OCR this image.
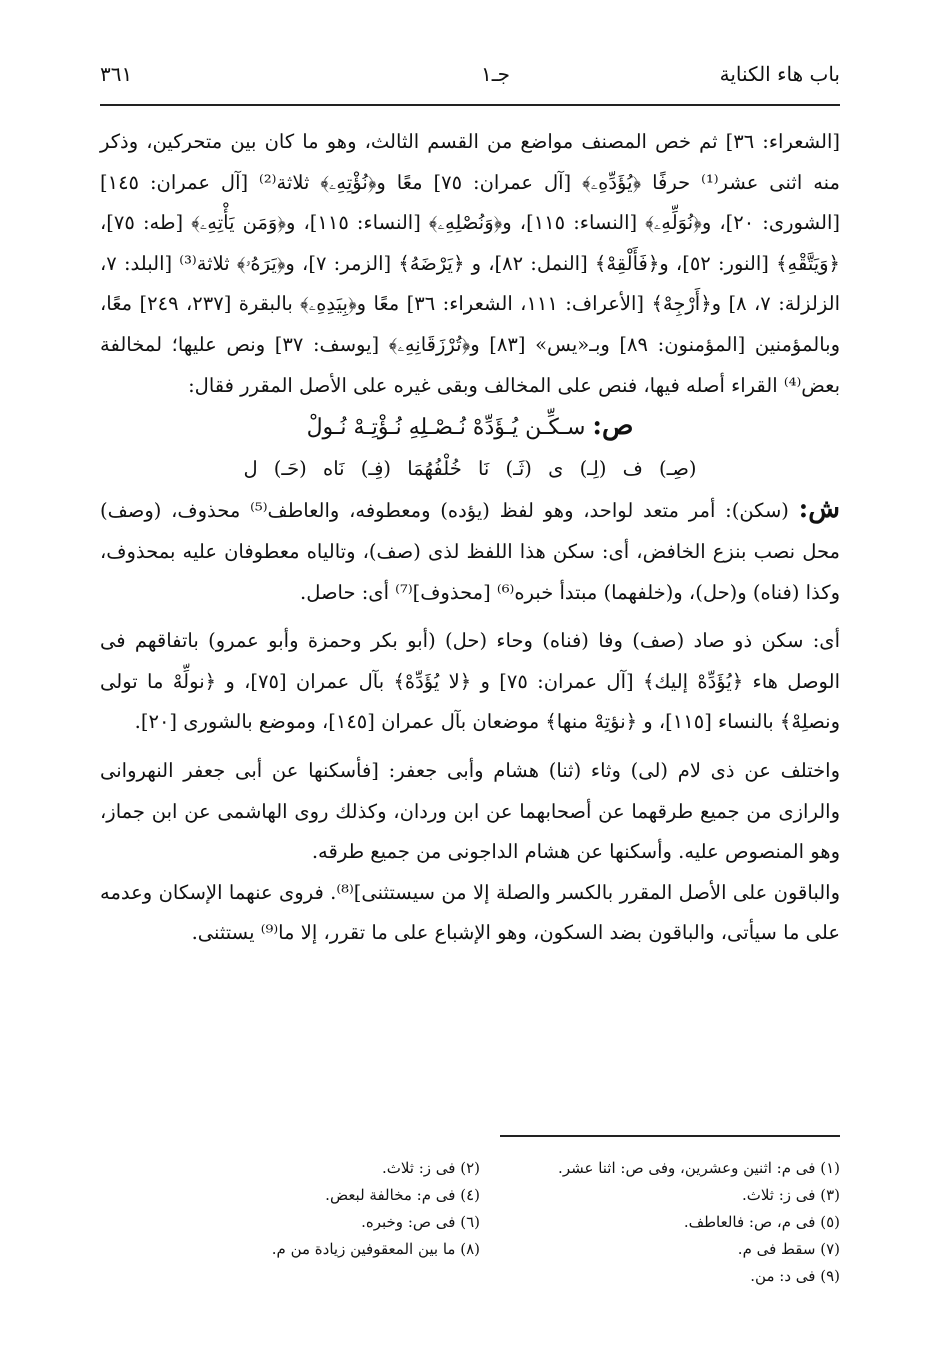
باب هاء الكناية
جـ١
٣٦١

[الشعراء: ٣٦] ثم خص المصنف مواضع من القسم الثالث، وهو ما كان بين متحركين، وذكر منه اثنى عشر⁽¹⁾ حرفًا ﴿يُؤَدِّهِۦ﴾ [آل عمران: ٧٥] معًا و﴿نُؤْتِهِۦ﴾ ثلاثة⁽²⁾ [آل عمران: ١٤٥] [الشورى: ٢٠]، و﴿نُوَلِّهِۦ﴾ [النساء: ١١٥]، و﴿وَنُصْلِهِۦ﴾ [النساء: ١١٥]، و﴿وَمَن يَأْتِهِۦ﴾ [طه: ٧٥]، ﴿وَيَتَّقْهِ﴾ [النور: ٥٢]، و﴿فَأَلْقِهْ﴾ [النمل: ٨٢]، و ﴿يَرْضَهُ﴾ [الزمر: ٧]، و﴿يَرَهُۥ﴾ ثلاثة⁽³⁾ [البلد: ٧، الزلزلة: ٧، ٨] و﴿أَرْجِهْ﴾ [الأعراف: ١١١، الشعراء: ٣٦] معًا و﴿بِيَدِهِۦ﴾ بالبقرة [٢٣٧، ٢٤٩] معًا، وبالمؤمنين [المؤمنون: ٨٩] وبـ«يس» [٨٣] و﴿تُرْزَقَانِهِۦ﴾ [يوسف: ٣٧] ونص عليها؛ لمخالفة بعض⁽⁴⁾ القراء أصله فيها، فنص على المخالف وبقى غيره على الأصل المقرر فقال:

ص: سـكِّـن يُـؤَدِّهْ نُـصْـلِهِ نُـؤْتِـهْ نُـولْ

(صِـ) ف (لِـ) ى (ثَـ) نَا خُلْفُهُمَا (فِـ) نَاه (حَـ) ل

ش: (سكن): أمر متعد لواحد، وهو لفظ (يؤده) ومعطوفه، والعاطف⁽⁵⁾ محذوف، (وصف) محل نصب بنزع الخافض، أى: سكن هذا اللفظ لذى (صف)، وتالياه معطوفان عليه بمحذوف، وكذا (فناه) و(حل)، و(خلفهما) مبتدأ خبره⁽⁶⁾ [محذوف]⁽⁷⁾ أى: حاصل.

أى: سكن ذو صاد (صف) وفا (فناه) وحاء (حل) (أبو بكر وحمزة وأبو عمرو) باتفاقهم فى الوصل هاء ﴿يُؤَدِّهْ إليك﴾ [آل عمران: ٧٥] و ﴿لا يُؤَدِّهْ﴾ بآل عمران [٧٥]، و ﴿نولِّهْ ما تولى ونصلِهْ﴾ بالنساء [١١٥]، و ﴿نؤتِهْ منها﴾ موضعان بآل عمران [١٤٥]، وموضع بالشورى [٢٠].

واختلف عن ذى لام (لى) وثاء (ثنا) هشام وأبى جعفر: [فأسكنها عن أبى جعفر النهروانى والرازى من جميع طرقهما عن أصحابهما عن ابن وردان، وكذلك روى الهاشمى عن ابن جماز، وهو المنصوص عليه. وأسكنها عن هشام الداجونى من جميع طرقه.

والباقون على الأصل المقرر بالكسر والصلة إلا من سيستثنى]⁽⁸⁾. فروى عنهما الإسكان وعدمه على ما سيأتى، والباقون بضد السكون، وهو الإشباع على ما تقرر، إلا ما⁽⁹⁾ يستثنى.

(١) فى م: اثنين وعشرين، وفى ص: اثنا عشر.
(٢) فى ز: ثلاث.
(٣) فى ز: ثلاث.
(٤) فى م: مخالفة لبعض.
(٥) فى م، ص: فالعاطف.
(٦) فى ص: وخبره.
(٧) سقط فى م.
(٨) ما بين المعقوفين زيادة من م.
(٩) فى د: من.
